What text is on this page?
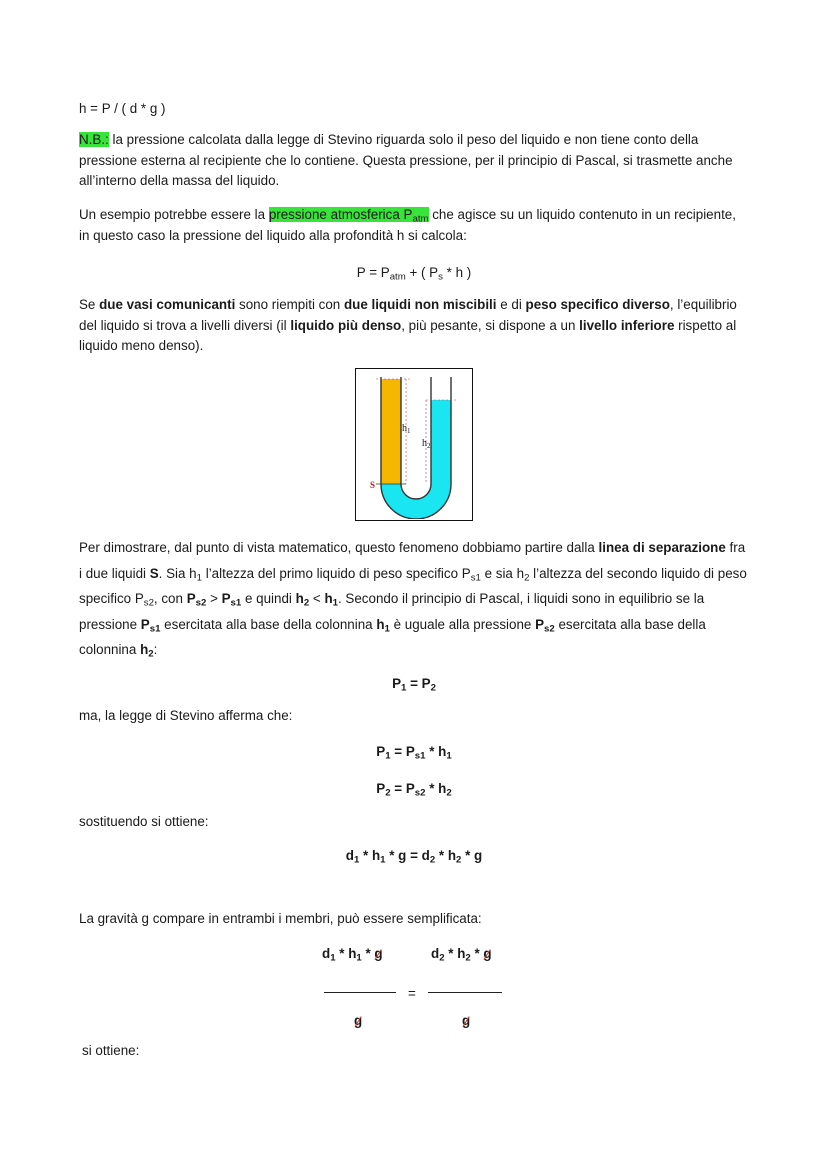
h = P / ( d * g )
N.B.: la pressione calcolata dalla legge di Stevino riguarda solo il peso del liquido e non tiene conto della pressione esterna al recipiente che lo contiene. Questa pressione, per il principio di Pascal, si trasmette anche all’interno della massa del liquido.
Un esempio potrebbe essere la pressione atmosferica $P_{atm}$ che agisce su un liquido contenuto in un recipiente, in questo caso la pressione del liquido alla profondità h si calcola:
$P = P_{atm}$ + ( $P_s$ * h )
Se due vasi comunicanti sono riempiti con due liquidi non miscibili e di peso specifico diverso, l’equilibrio del liquido si trova a livelli diversi (il liquido più denso, più pesante, si dispone a un livello inferiore rispetto al liquido meno denso).
$h_1$
$h_2$
S
Per dimostrare, dal punto di vista matematico, questo fenomeno dobbiamo partire dalla linea di separazione fra i due liquidi S. Sia $h_1$ l’altezza del primo liquido di peso specifico $P_{s1}$ e sia $h_2$ l’altezza del secondo liquido di peso specifico $P_{s2}$, con $P_{s2} > P_{s1}$ e quindi $h_2 < h_1$. Secondo il principio di Pascal, i liquidi sono in equilibrio se la pressione $P_{s1}$ esercitata alla base della colonnina $h_1$ è uguale alla pressione $P_{s2}$ esercitata alla base della colonnina $h_2$:
$P_1 = P_2$
ma, la legge di Stevino afferma che:
$P_1 = P_{s1} * h_1$
$P_2 = P_{s2} * h_2$
sostituendo si ottiene:
$d_1 * h_1 * g = d_2 * h_2 * g$
La gravità g compare in entrambi i membri, può essere semplificata:
$d_1 * h_1$ * g	$d_2 * h_2$ * g
=
g	g
si ottiene:
